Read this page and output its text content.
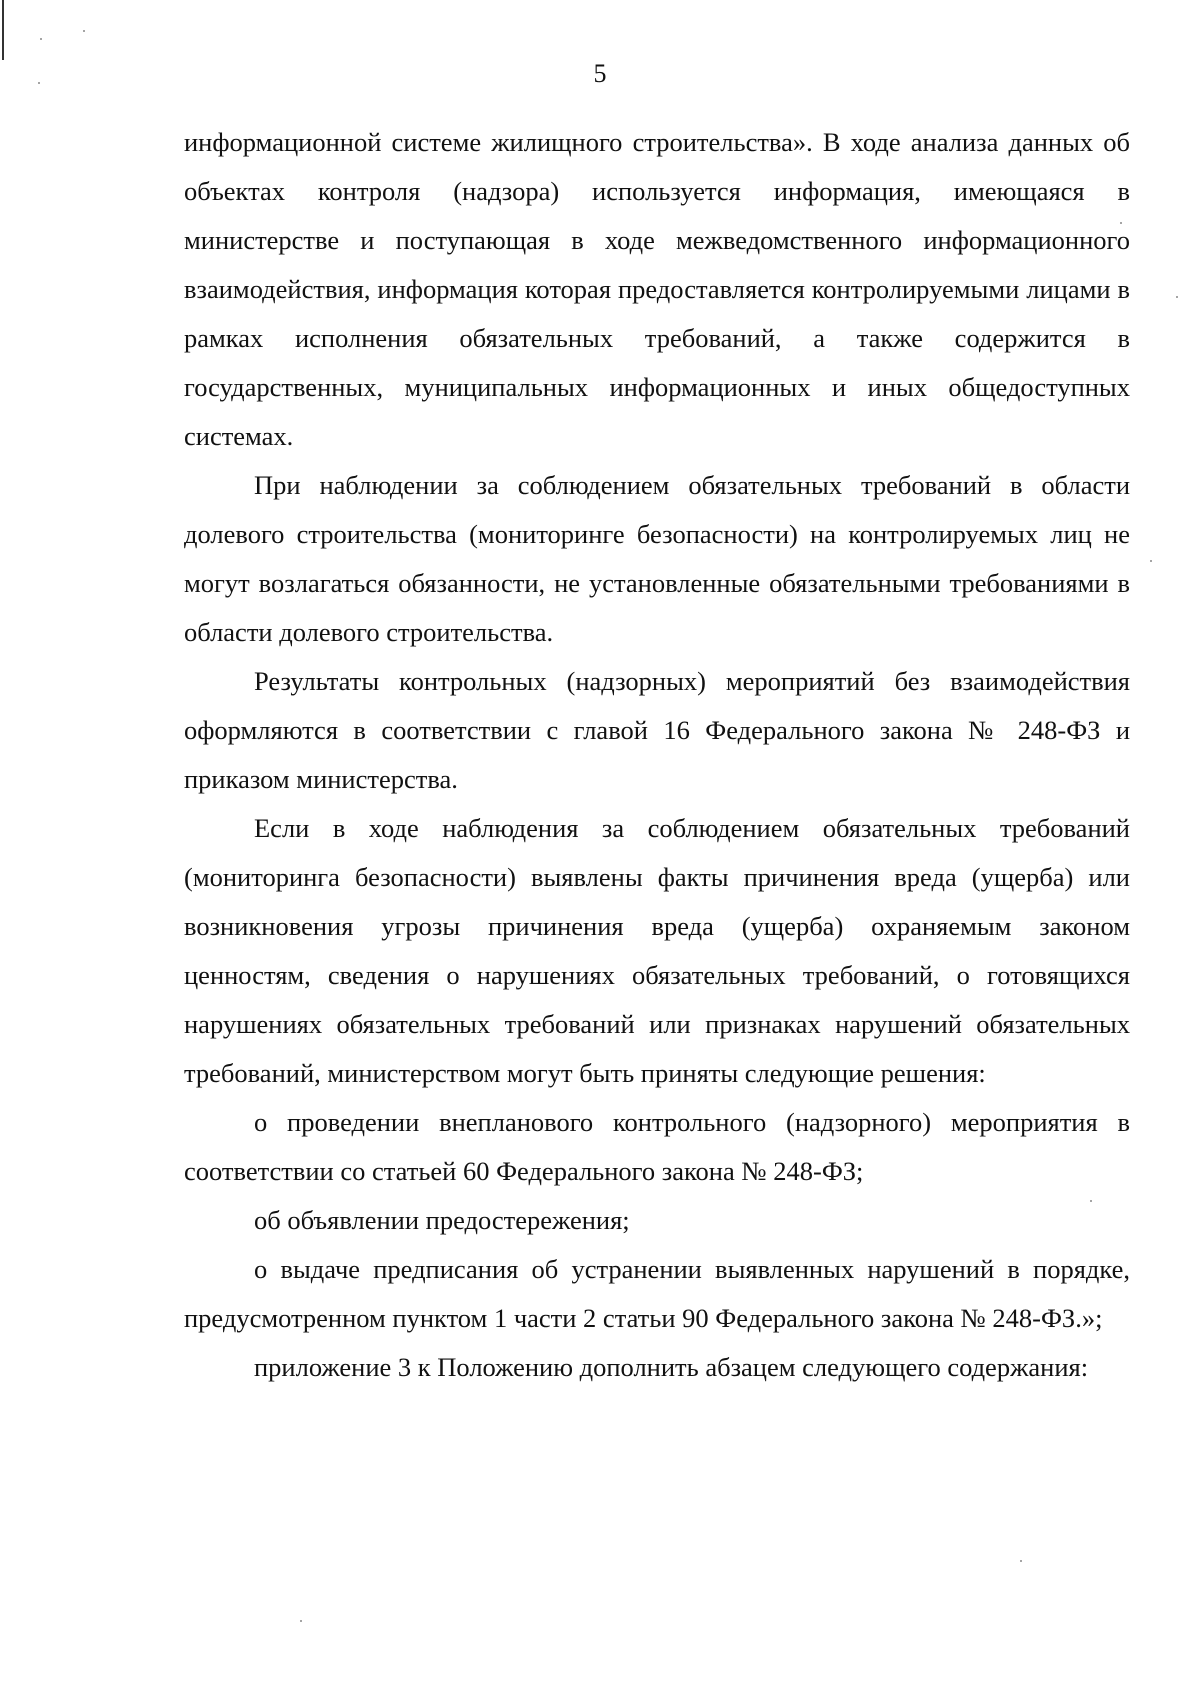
5

информационной системе жилищного строительства». В ходе анализа данных об объектах контроля (надзора) используется информация, имеющаяся в министерстве и поступающая в ходе межведомственного информационного взаимодействия, информация которая предоставляется контролируемыми лицами в рамках исполнения обязательных требований, а также содержится в государственных, муниципальных информационных и иных общедоступных системах.

При наблюдении за соблюдением обязательных требований в области долевого строительства (мониторинге безопасности) на контролируемых лиц не могут возлагаться обязанности, не установленные обязательными требованиями в области долевого строительства.

Результаты контрольных (надзорных) мероприятий без взаимодействия оформляются в соответствии с главой 16 Федерального закона № 248-ФЗ и приказом министерства.

Если в ходе наблюдения за соблюдением обязательных требований (мониторинга безопасности) выявлены факты причинения вреда (ущерба) или возникновения угрозы причинения вреда (ущерба) охраняемым законом ценностям, сведения о нарушениях обязательных требований, о готовящихся нарушениях обязательных требований или признаках нарушений обязательных требований, министерством могут быть приняты следующие решения:

о проведении внепланового контрольного (надзорного) мероприятия в соответствии со статьей 60 Федерального закона № 248-ФЗ;

об объявлении предостережения;

о выдаче предписания об устранении выявленных нарушений в порядке, предусмотренном пунктом 1 части 2 статьи 90 Федерального закона № 248-ФЗ.»;

приложение 3 к Положению дополнить абзацем следующего содержания:
